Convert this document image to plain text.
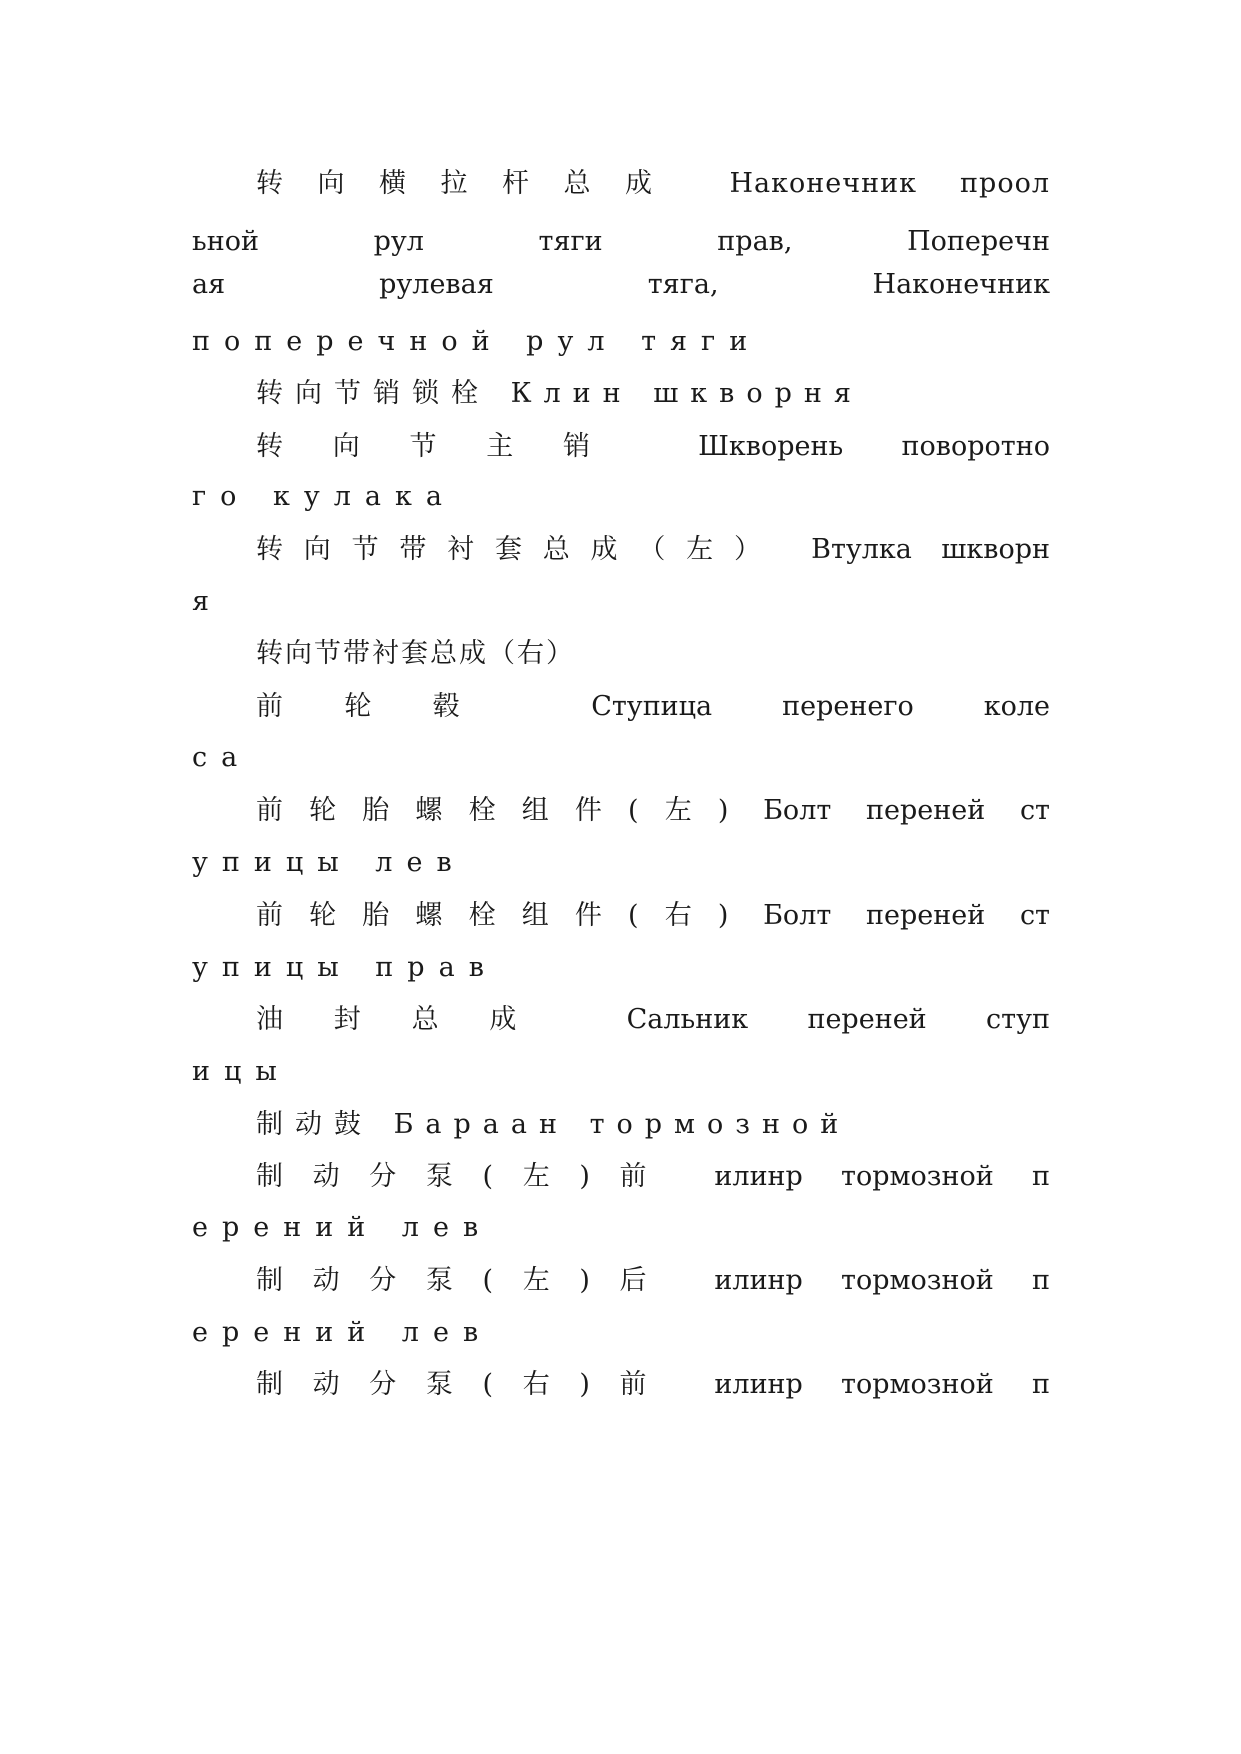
转向横拉杆总成 Наконечник проол
ьной рул тяги прав, Поперечн
ая рулевая тяга, Наконечник
поперечной рул тяги
转向节销锁栓 Клин шкворня
转向节主销 Шкворень поворотно
го кулака
转向节带衬套总成（左） Втулка шкворн
я
转向节带衬套总成（右）
前轮毂 Ступица перенего коле
са
前轮胎螺栓组件(左) Болт переней ст
упицы лев
前轮胎螺栓组件(右) Болт переней ст
упицы прав
油封总成 Сальник переней ступ
ицы
制动鼓 Бараан тормозной
制动分泵(左)前 илинр тормозной п
ерений лев
制动分泵(左)后 илинр тормозной п
ерений лев
制动分泵(右)前 илинр тормозной п
